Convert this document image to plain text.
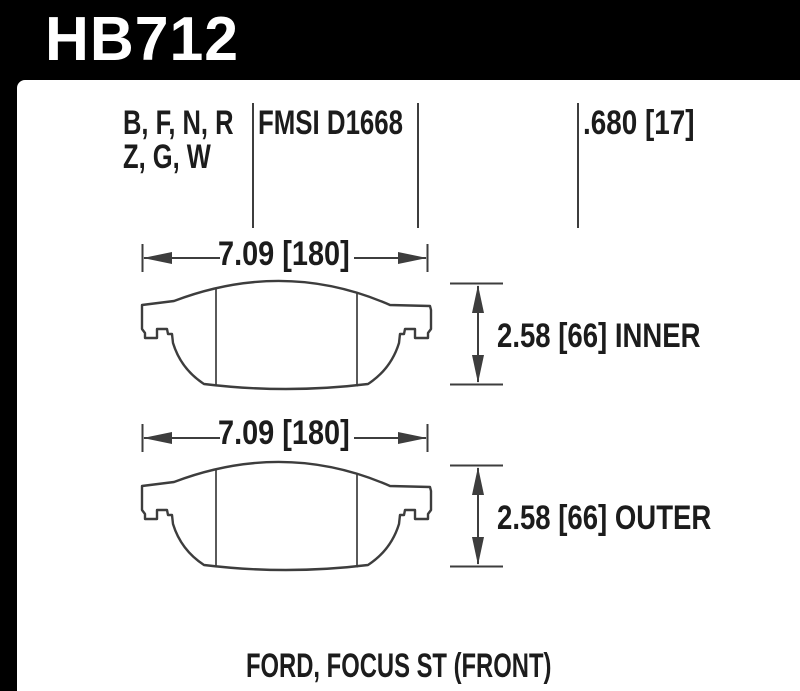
HB712
B, F, N, R
Z, G, W
FMSI D1668	.680 [17]
7.09 [180]
2.58 [66] INNER
7.09 [180]
2.58 [66] OUTER
FORD, FOCUS ST (FRONT)
